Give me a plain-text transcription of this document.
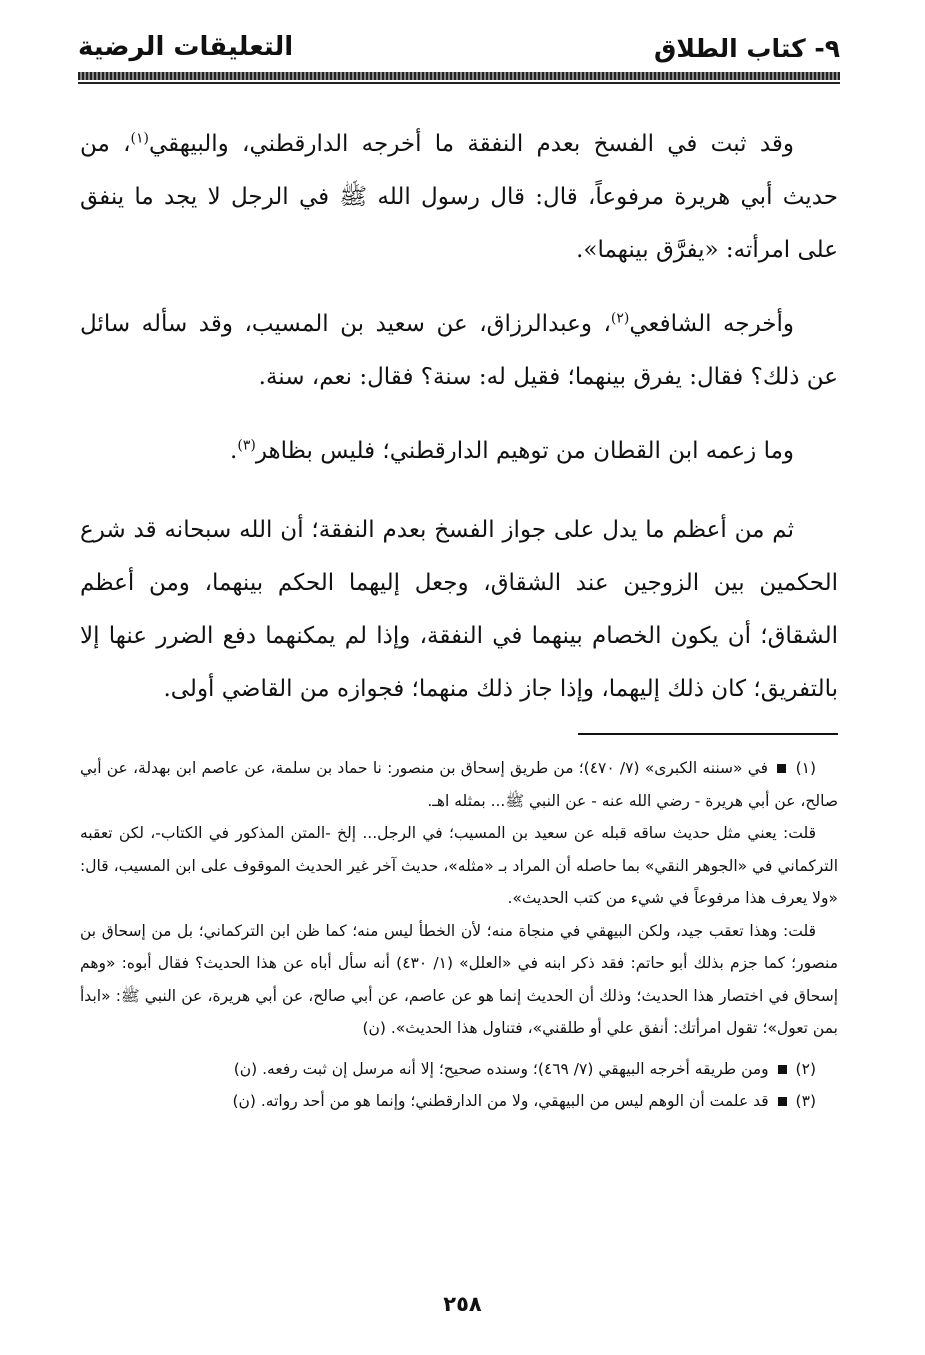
٩- كتاب الطلاق
التعليقات الرضية

وقد ثبت في الفسخ بعدم النفقة ما أخرجه الدارقطني، والبيهقي$^{(١)}$، من حديث أبي هريرة مرفوعاً، قال: قال رسول الله ﷺ في الرجل لا يجد ما ينفق على امرأته: «يفرَّق بينهما».

وأخرجه الشافعي$^{(٢)}$، وعبدالرزاق، عن سعيد بن المسيب، وقد سأله سائل عن ذلك؟ فقال: يفرق بينهما؛ فقيل له: سنة؟ فقال: نعم، سنة.

وما زعمه ابن القطان من توهيم الدارقطني؛ فليس بظاهر$^{(٣)}$.

ثم من أعظم ما يدل على جواز الفسخ بعدم النفقة؛ أن الله سبحانه قد شرع الحكمين بين الزوجين عند الشقاق، وجعل إليهما الحكم بينهما، ومن أعظم الشقاق؛ أن يكون الخصام بينهما في النفقة، وإذا لم يمكنهما دفع الضرر عنها إلا بالتفريق؛ كان ذلك إليهما، وإذا جاز ذلك منهما؛ فجوازه من القاضي أولى.

(١)  في «سننه الكبرى» (٧/ ٤٧٠)؛ من طريق إسحاق بن منصور: نا حماد بن سلمة، عن عاصم ابن بهدلة، عن أبي صالح، عن أبي هريرة - رضي الله عنه - عن النبي ﷺ... بمثله اهـ.

قلت: يعني مثل حديث ساقه قبله عن سعيد بن المسيب؛ في الرجل... إلخ -المتن المذكور في الكتاب-، لكن تعقبه التركماني في «الجوهر النقي» بما حاصله أن المراد بـ «مثله»، حديث آخر غير الحديث الموقوف على ابن المسيب، قال: «ولا يعرف هذا مرفوعاً في شيء من كتب الحديث».

قلت: وهذا تعقب جيد، ولكن البيهقي في منجاة منه؛ لأن الخطأ ليس منه؛ كما ظن ابن التركماني؛ بل من إسحاق بن منصور؛ كما جزم بذلك أبو حاتم: فقد ذكر ابنه في «العلل» (١/ ٤٣٠) أنه سأل أباه عن هذا الحديث؟ فقال أبوه: «وهم إسحاق في اختصار هذا الحديث؛ وذلك أن الحديث إنما هو عن عاصم، عن أبي صالح، عن أبي هريرة، عن النبي ﷺ: «ابدأ بمن تعول»؛ تقول امرأتك: أنفق علي أو طلقني»، فتناول هذا الحديث». (ن)

(٢)  ومن طريقه أخرجه البيهقي (٧/ ٤٦٩)؛ وسنده صحيح؛ إلا أنه مرسل إن ثبت رفعه. (ن)

(٣)  قد علمت أن الوهم ليس من البيهقي، ولا من الدارقطني؛ وإنما هو من أحد رواته. (ن)

٢٥٨
